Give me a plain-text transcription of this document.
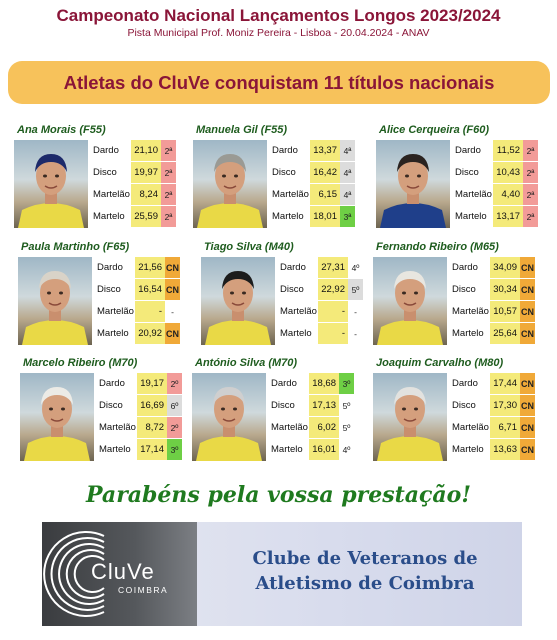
Campeonato Nacional Lançamentos Longos 2023/2024
Pista Municipal Prof. Moniz Pereira - Lisboa - 20.04.2024 - ANAV
Atletas do CluVe conquistam 11 títulos nacionais
Ana Morais (F55)
Dardo	21,10 2ª
Disco	19,97 2ª
Martelão	8,24 2ª
Martelo	25,59 2ª
Manuela Gil (F55)
Dardo	13,37 4ª
Disco	16,42 4ª
Martelão	6,15 4ª
Martelo	18,01 3ª
Alice Cerqueira (F60)
Dardo	11,52 2ª
Disco	10,43 2ª
Martelão	4,40 2ª
Martelo	13,17 2ª
Paula Martinho (F65)
Dardo	21,56 CN
Disco	16,54 CN
Martelão	-	-
Martelo	20,92 CN
Tiago Silva (M40)
Dardo	27,31 4º
Disco	22,92 5º
Martelão	-	-
Martelo	-	-
Fernando Ribeiro (M65)
Dardo	34,09 CN
Disco	30,34 CN
Martelão 10,57 CN
Martelo	25,64 CN
Marcelo Ribeiro (M70)
Dardo	19,17 2º
Disco	16,69 6º
Martelão	8,72 2º
Martelo	17,14 3º
António Silva (M70)
Dardo	18,68 3º
Disco	17,13 5º
Martelão	6,02 5º
Martelo	16,01 4º
Joaquim Carvalho (M80)
Dardo	17,44 CN
Disco	17,30 CN
Martelão	6,71 CN
Martelo	13,63 CN
Parabéns pela vossa prestação!
CluVe
COIMBRA
Clube de Veteranos de
Atletismo de Coimbra
